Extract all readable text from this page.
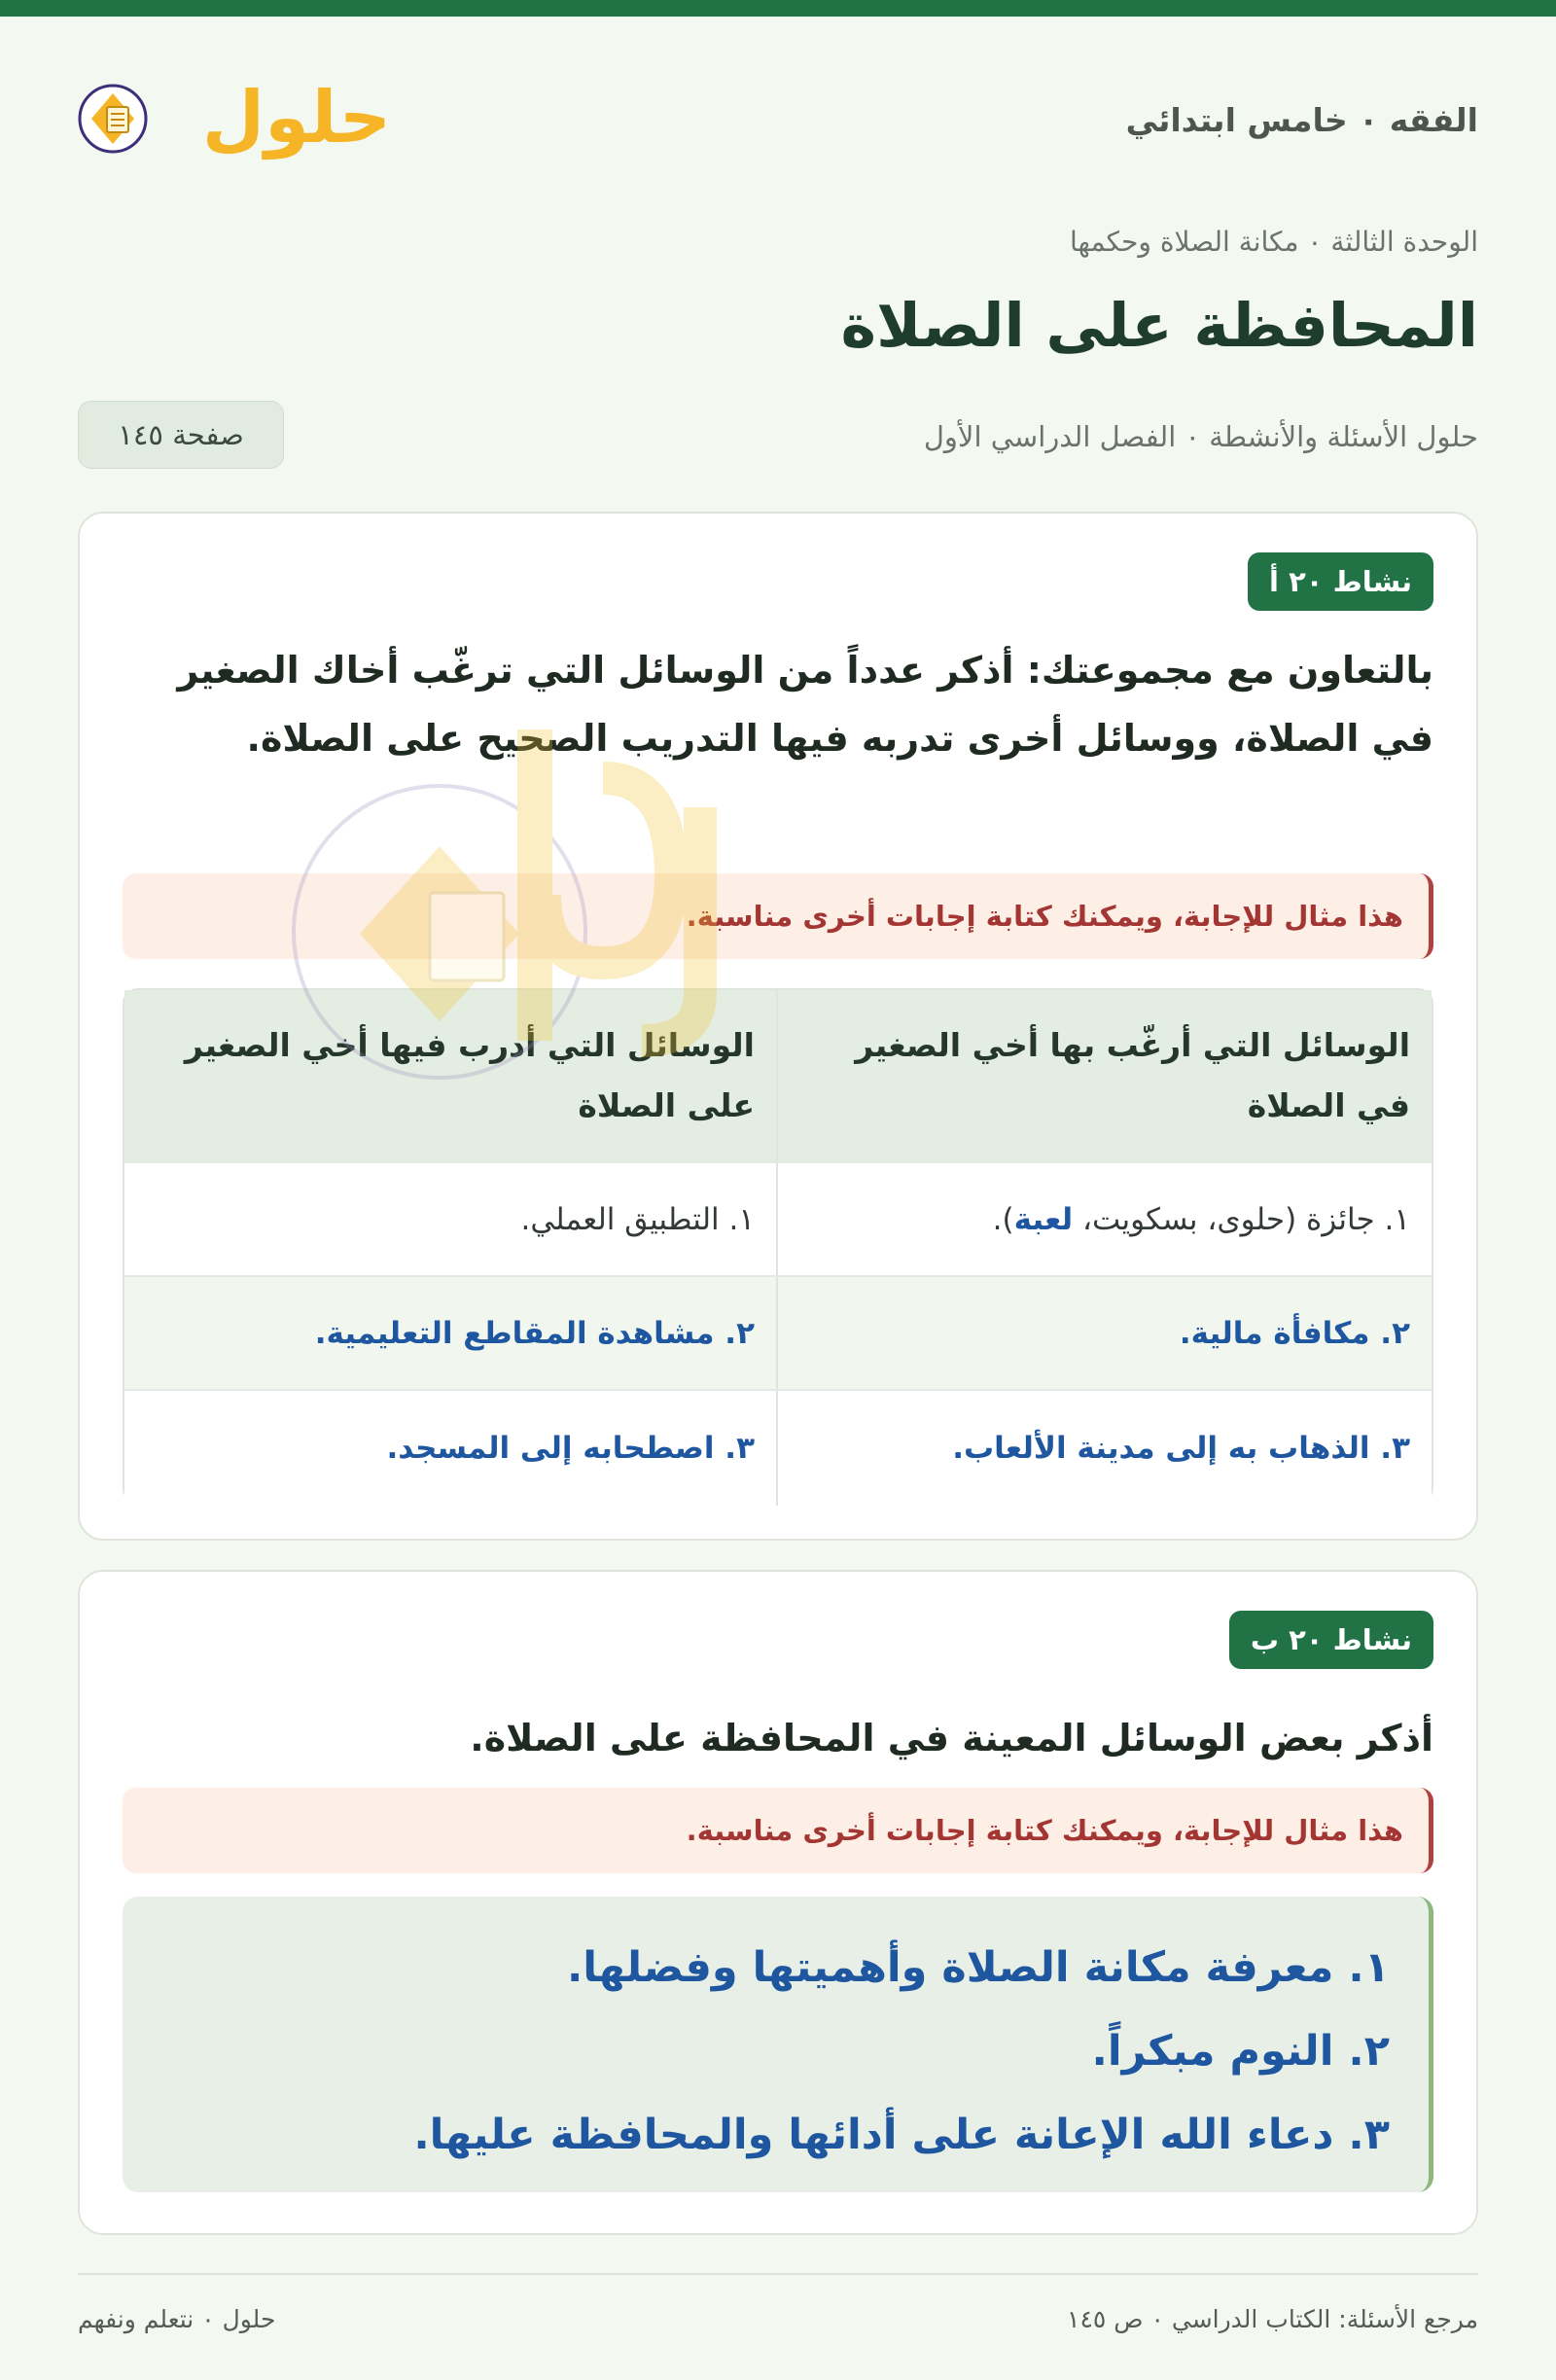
الفقه ٠ خامس ابتدائي
حلول
الوحدة الثالثة ٠ مكانة الصلاة وحكمها
المحافظة على الصلاة
حلول الأسئلة والأنشطة ٠ الفصل الدراسي الأول
صفحة ١٤٥
نشاط ٢٠ أ
بالتعاون مع مجموعتك: أذكر عدداً من الوسائل التي ترغّب أخاك الصغير في الصلاة، ووسائل أخرى تدربه فيها التدريب الصحيح على الصلاة.
هذا مثال للإجابة، ويمكنك كتابة إجابات أخرى مناسبة.
الوسائل التي أرغّب بها أخي الصغير في الصلاة
الوسائل التي أدرب فيها أخي الصغير على الصلاة
١. جائزة (حلوى، بسكويت، لعبة).
١. التطبيق العملي.
٢. مكافأة مالية.
٢. مشاهدة المقاطع التعليمية.
٣. الذهاب به إلى مدينة الألعاب.
٣. اصطحابه إلى المسجد.
نشاط ٢٠ ب
أذكر بعض الوسائل المعينة في المحافظة على الصلاة.
هذا مثال للإجابة، ويمكنك كتابة إجابات أخرى مناسبة.
١. معرفة مكانة الصلاة وأهميتها وفضلها.
٢. النوم مبكراً.
٣. دعاء الله الإعانة على أدائها والمحافظة عليها.
مرجع الأسئلة: الكتاب الدراسي ٠ ص ١٤٥
حلول ٠ نتعلم ونفهم
